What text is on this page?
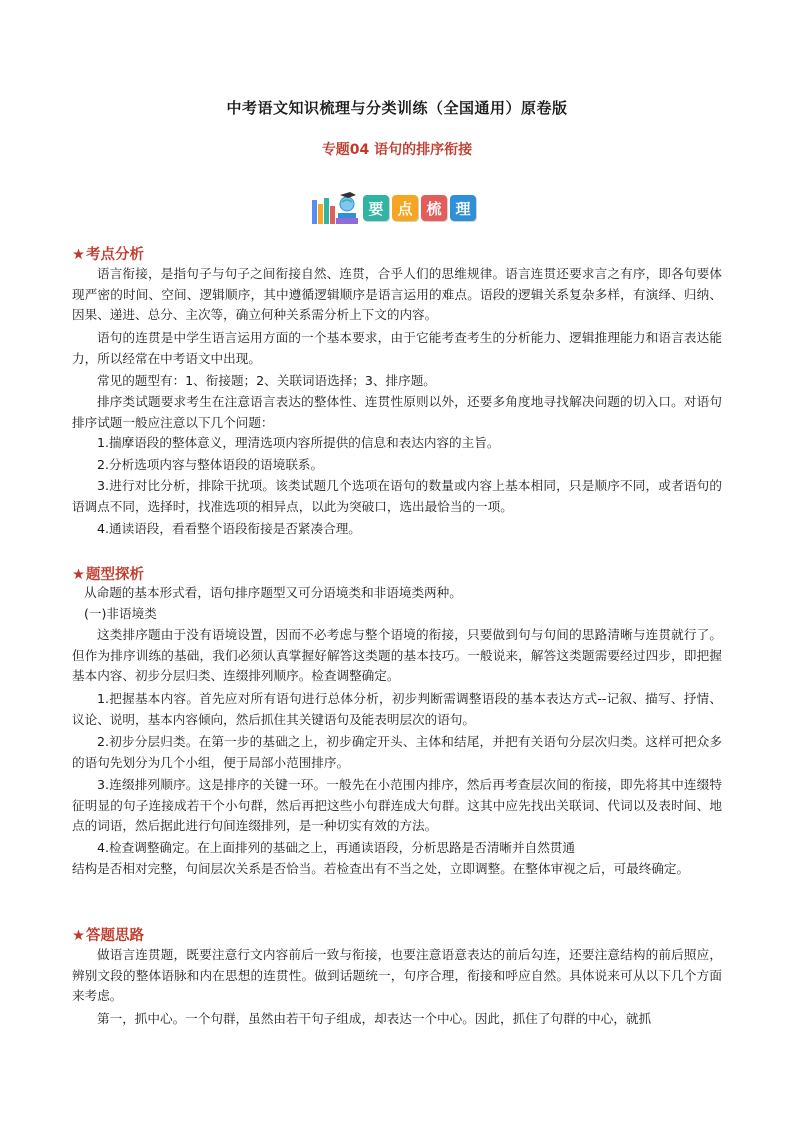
中考语文知识梳理与分类训练（全国通用）原卷版
专题04 语句的排序衔接
要 点 梳 理
★考点分析

语言衔接，是指句子与句子之间衔接自然、连贯，合乎人们的思维规律。语言连贯还要求言之有序，即各句要体现严密的时间、空间、逻辑顺序，其中遵循逻辑顺序是语言运用的难点。语段的逻辑关系复杂多样，有演绎、归纳、因果、递进、总分、主次等，确立何种关系需分析上下文的内容。

语句的连贯是中学生语言运用方面的一个基本要求，由于它能考查考生的分析能力、逻辑推理能力和语言表达能力，所以经常在中考语文中出现。

常见的题型有：1、衔接题；2、关联词语选择；3、排序题。

排序类试题要求考生在注意语言表达的整体性、连贯性原则以外，还要多角度地寻找解决问题的切入口。对语句排序试题一般应注意以下几个问题：

1.揣摩语段的整体意义，理清选项内容所提供的信息和表达内容的主旨。

2.分析选项内容与整体语段的语境联系。

3.进行对比分析，排除干扰项。该类试题几个选项在语句的数量或内容上基本相同，只是顺序不同，或者语句的语调点不同，选择时，找准选项的相异点，以此为突破口，选出最恰当的一项。

4.通读语段，看看整个语段衔接是否紧凑合理。

★题型探析

从命题的基本形式看，语句排序题型又可分语境类和非语境类两种。

(一)非语境类

这类排序题由于没有语境设置，因而不必考虑与整个语境的衔接，只要做到句与句间的思路清晰与连贯就行了。但作为排序训练的基础，我们必须认真掌握好解答这类题的基本技巧。一般说来，解答这类题需要经过四步，即把握基本内容、初步分层归类、连缀排列顺序。检查调整确定。

1.把握基本内容。首先应对所有语句进行总体分析，初步判断需调整语段的基本表达方式--记叙、描写、抒情、议论、说明，基本内容倾向，然后抓住其关键语句及能表明层次的语句。

2.初步分层归类。在第一步的基础之上，初步确定开头、主体和结尾，并把有关语句分层次归类。这样可把众多的语句先划分为几个小组，便于局部小范围排序。

3.连缀排列顺序。这是排序的关键一环。一般先在小范围内排序，然后再考查层次间的衔接，即先将其中连缀特征明显的句子连接成若干个小句群，然后再把这些小句群连成大句群。这其中应先找出关联词、代词以及表时间、地点的词语，然后据此进行句间连缀排列，是一种切实有效的方法。

4.检查调整确定。在上面排列的基础之上，再通读语段，分析思路是否清晰并自然贯通

结构是否相对完整，句间层次关系是否恰当。若检查出有不当之处，立即调整。在整体审视之后，可最终确定。

★答题思路

做语言连贯题，既要注意行文内容前后一致与衔接，也要注意语意表达的前后勾连，还要注意结构的前后照应，辨别文段的整体语脉和内在思想的连贯性。做到话题统一，句序合理，衔接和呼应自然。具体说来可从以下几个方面来考虑。

第一，抓中心。一个句群，虽然由若干句子组成，却表达一个中心。因此，抓住了句群的中心，就抓
